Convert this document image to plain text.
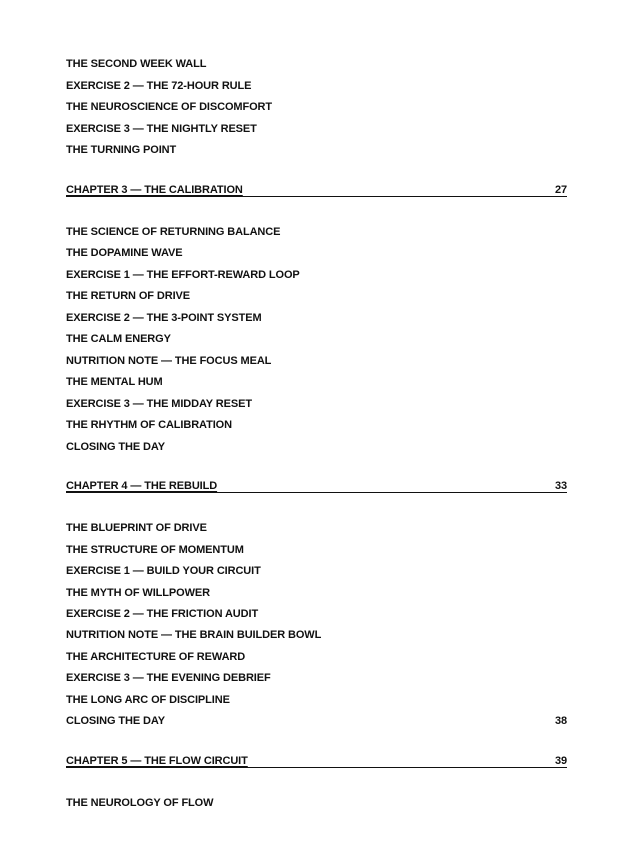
THE SECOND WEEK WALL
EXERCISE 2 — THE 72-HOUR RULE
THE NEUROSCIENCE OF DISCOMFORT
EXERCISE 3 — THE NIGHTLY RESET
THE TURNING POINT
CHAPTER 3 — THE CALIBRATION	27
THE SCIENCE OF RETURNING BALANCE
THE DOPAMINE WAVE
EXERCISE 1 — THE EFFORT-REWARD LOOP
THE RETURN OF DRIVE
EXERCISE 2 — THE 3-POINT SYSTEM
THE CALM ENERGY
NUTRITION NOTE — THE FOCUS MEAL
THE MENTAL HUM
EXERCISE 3 — THE MIDDAY RESET
THE RHYTHM OF CALIBRATION
CLOSING THE DAY
CHAPTER 4 — THE REBUILD	33
THE BLUEPRINT OF DRIVE
THE STRUCTURE OF MOMENTUM
EXERCISE 1 — BUILD YOUR CIRCUIT
THE MYTH OF WILLPOWER
EXERCISE 2 — THE FRICTION AUDIT
NUTRITION NOTE — THE BRAIN BUILDER BOWL
THE ARCHITECTURE OF REWARD
EXERCISE 3 — THE EVENING DEBRIEF
THE LONG ARC OF DISCIPLINE
CLOSING THE DAY	38
CHAPTER 5 — THE FLOW CIRCUIT	39
THE NEUROLOGY OF FLOW
